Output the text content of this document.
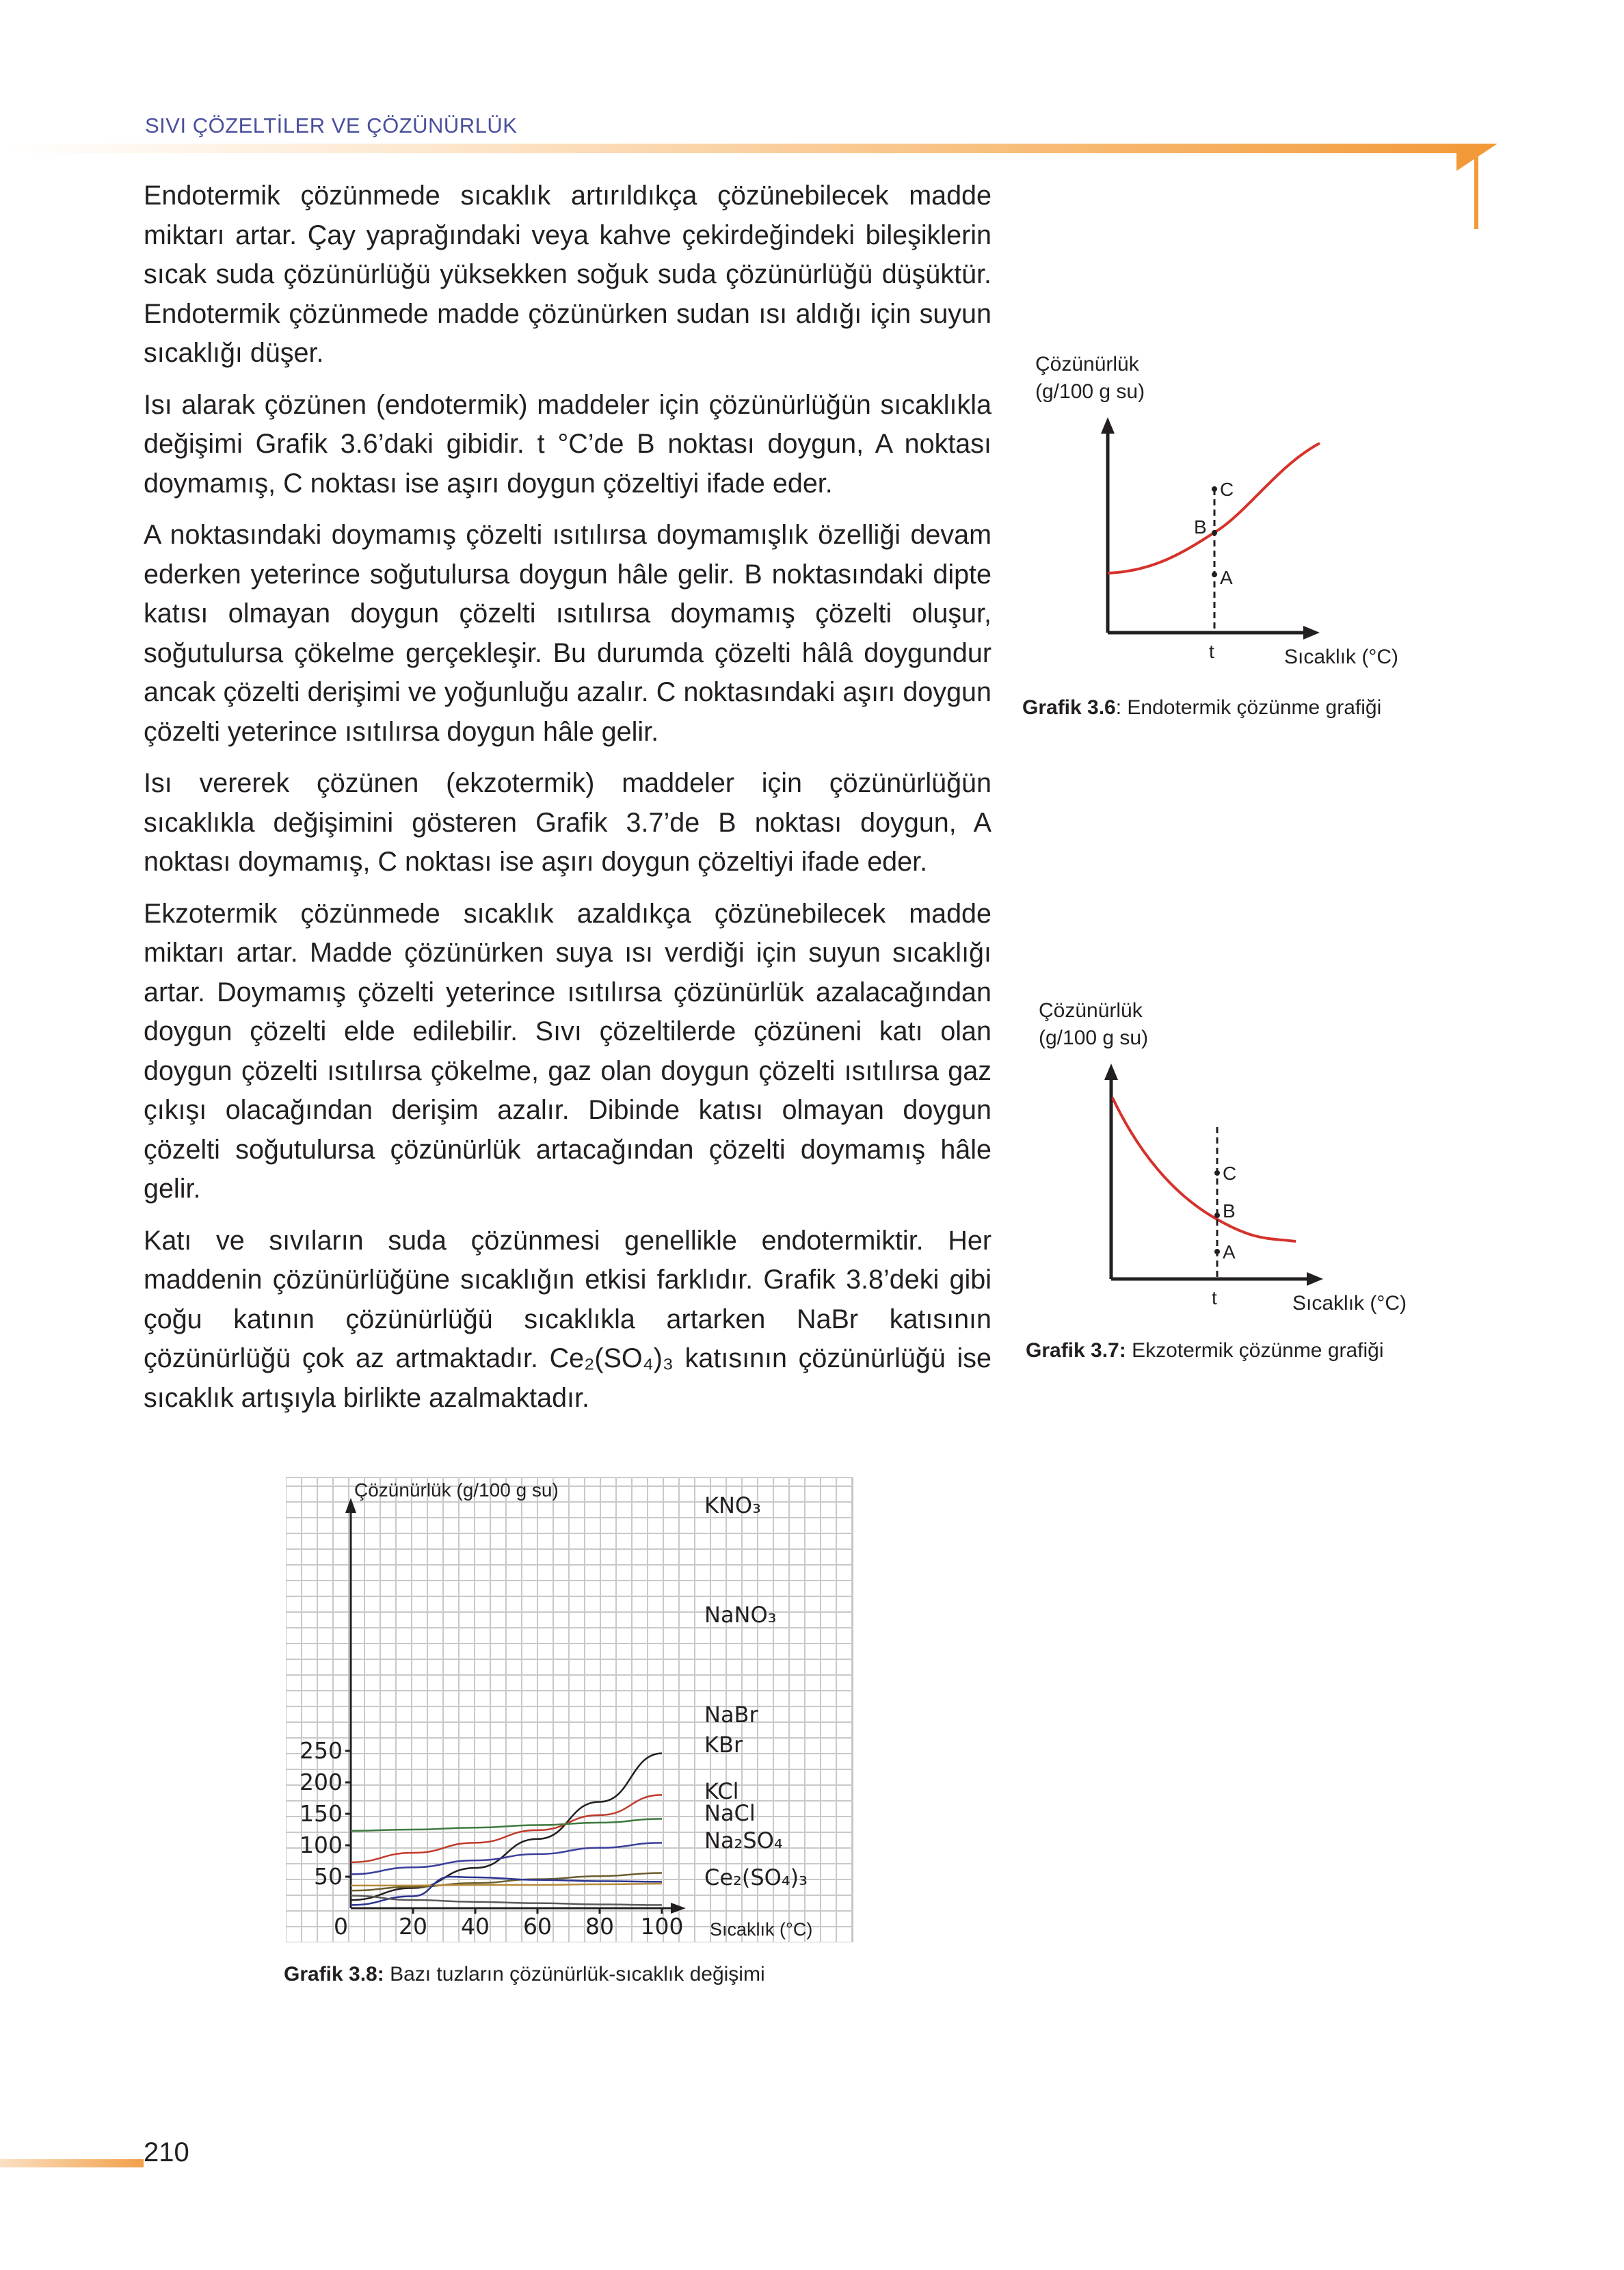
SIVI ÇÖZELTİLER VE ÇÖZÜNÜRLÜK

Endotermik çözünmede sıcaklık artırıldıkça çözünebilecek madde miktarı artar. Çay yaprağındaki veya kahve çekirdeğindeki bileşiklerin sıcak suda çözünürlüğü yüksekken soğuk suda çözünürlüğü düşüktür. Endotermik çözünmede madde çözünürken sudan ısı aldığı için suyun sıcaklığı düşer.

Isı alarak çözünen (endotermik) maddeler için çözünürlüğün sıcaklıkla değişimi Grafik 3.6’daki gibidir. t °C’de B noktası doygun, A noktası doymamış, C noktası ise aşırı doygun çözeltiyi ifade eder.

A noktasındaki doymamış çözelti ısıtılırsa doymamışlık özelliği devam ederken yeterince soğutulursa doygun hâle gelir. B noktasındaki dipte katısı olmayan doygun çözelti ısıtılırsa doymamış çözelti oluşur, soğutulursa çökelme gerçekleşir. Bu durumda çözelti hâlâ doygundur ancak çözelti derişimi ve yoğunluğu azalır. C noktasındaki aşırı doygun çözelti yeterince ısıtılırsa doygun hâle gelir.

Isı vererek çözünen (ekzotermik) maddeler için çözünürlüğün sıcaklıkla değişimini gösteren Grafik 3.7’de B noktası doygun, A noktası doymamış, C noktası ise aşırı doygun çözeltiyi ifade eder.

Ekzotermik çözünmede sıcaklık azaldıkça çözünebilecek madde miktarı artar. Madde çözünürken suya ısı verdiği için suyun sıcaklığı artar. Doymamış çözelti yeterince ısıtılırsa çözünürlük azalacağından doygun çözelti elde edilebilir. Sıvı çözeltilerde çözüneni katı olan doygun çözelti ısıtılırsa çökelme, gaz olan doygun çözelti ısıtılırsa gaz çıkışı olacağından derişim azalır. Dibinde katısı olmayan doygun çözelti soğutulursa çözünürlük artacağından çözelti doymamış hâle gelir.

Katı ve sıvıların suda çözünmesi genellikle endotermiktir. Her maddenin çözünürlüğüne sıcaklığın etkisi farklıdır. Grafik 3.8’deki gibi çoğu katının çözünürlüğü sıcaklıkla artarken NaBr katısının çözünürlüğü çok az artmaktadır. Ce₂(SO₄)₃ katısının çözünürlüğü ise sıcaklık artışıyla birlikte azalmaktadır.

Çözünürlük
(g/100 g su)
C
B
A
t	Sıcaklık (°C)
Grafik 3.6: Endotermik çözünme grafiği
Çözünürlük
(g/100 g su)
C
B
A
t	Sıcaklık (°C)
Grafik 3.7: Ekzotermik çözünme grafiği
Çözünürlük (g/100 g su)
50
100
150
200
250
0 20 40 60 80 100 Sıcaklık (°C)
KNO₃
NaNO₃
NaBr
KBr
KCl
NaCl
Na₂SO₄
Ce₂(SO₄)₃
Grafik 3.8: Bazı tuzların çözünürlük-sıcaklık değişimi
210
